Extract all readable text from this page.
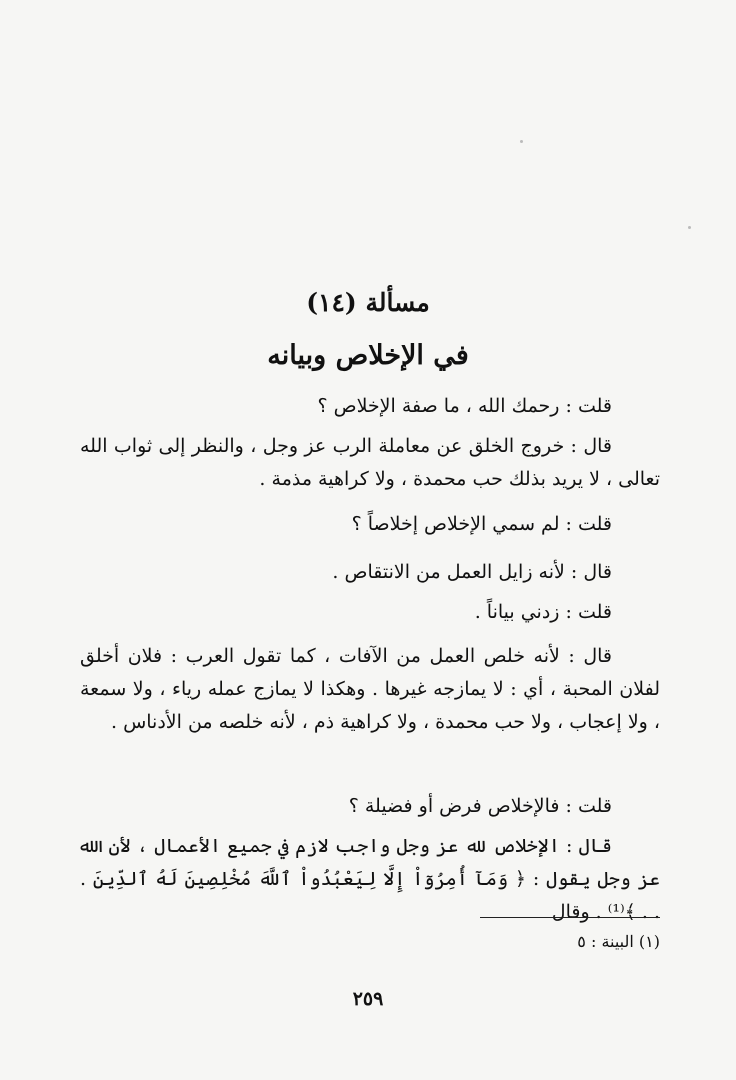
مسألة (١٤)
في الإخلاص وبيانه

قلت : رحمك الله ، ما صفة الإخلاص ؟

قال : خروج الخلق عن معاملة الرب عز وجل ، والنظر إلى ثواب الله تعالى ، لا يريد بذلك حب محمدة ، ولا كراهية مذمة .

قلت : لم سمي الإخلاص إخلاصاً ؟

قال : لأنه زايل العمل من الانتقاص .

قلت : زدني بياناً .

قال : لأنه خلص العمل من الآفات ، كما تقول العرب : فلان أخلق لفلان المحبة ، أي : لا يمازجه غيرها . وهكذا لا يمازج عمله رياء ، ولا سمعة ، ولا إعجاب ، ولا حب محمدة ، ولا كراهية ذم ، لأنه خلصه من الأدناس .

قلت : فالإخلاص فرض أو فضيلة ؟

قال : الإخلاص لله عز وجل واجب لازم في جميع الأعمال ، لأن الله عز وجل يقول : ﴿ وَمَآ أُمِرُوٓاْ إِلَّا لِيَعْبُدُواْ ٱللَّهَ مُخْلِصِينَ لَهُ ٱلدِّينَ . . . ﴾⁽¹⁾ . وقال

(١) البينة : ٥
٢٥٩
